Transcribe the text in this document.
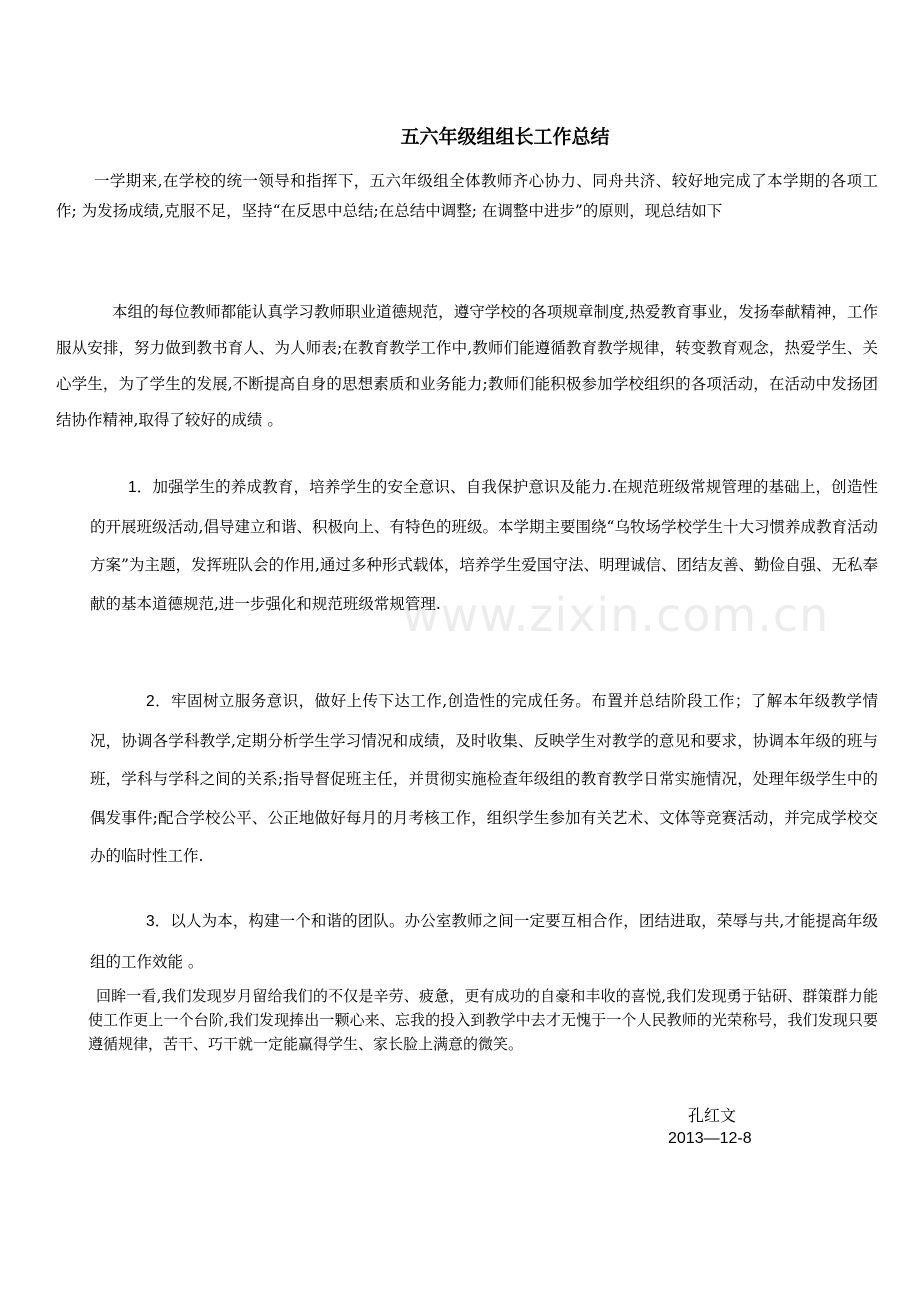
五六年级组组长工作总结

一学期来,在学校的统一领导和指挥下，五六年级组全体教师齐心协力、同舟共济、较好地完成了本学期的各项工作; 为发扬成绩,克服不足，坚持“在反思中总结;在总结中调整; 在调整中进步”的原则，现总结如下

本组的每位教师都能认真学习教师职业道德规范，遵守学校的各项规章制度,热爱教育事业，发扬奉献精神，工作服从安排，努力做到教书育人、为人师表;在教育教学工作中,教师们能遵循教育教学规律，转变教育观念，热爱学生、关心学生，为了学生的发展,不断提高自身的思想素质和业务能力;教师们能积极参加学校组织的各项活动，在活动中发扬团结协作精神,取得了较好的成绩 。

1．加强学生的养成教育，培养学生的安全意识、自我保护意识及能力.在规范班级常规管理的基础上，创造性的开展班级活动,倡导建立和谐、积极向上、有特色的班级。本学期主要围绕“乌牧场学校学生十大习惯养成教育活动方案”为主题，发挥班队会的作用,通过多种形式载体，培养学生爱国守法、明理诚信、团结友善、勤俭自强、无私奉献的基本道德规范,进一步强化和规范班级常规管理.

2．牢固树立服务意识，做好上传下达工作,创造性的完成任务。布置并总结阶段工作；了解本年级教学情况，协调各学科教学,定期分析学生学习情况和成绩，及时收集、反映学生对教学的意见和要求，协调本年级的班与班，学科与学科之间的关系;指导督促班主任，并贯彻实施检查年级组的教育教学日常实施情况，处理年级学生中的偶发事件;配合学校公平、公正地做好每月的月考核工作，组织学生参加有关艺术、文体等竞赛活动，并完成学校交办的临时性工作.

3．以人为本，构建一个和谐的团队。办公室教师之间一定要互相合作，团结进取，荣辱与共,才能提高年级组的工作效能 。

回眸一看,我们发现岁月留给我们的不仅是辛劳、疲惫，更有成功的自豪和丰收的喜悦,我们发现勇于钻研、群策群力能使工作更上一个台阶,我们发现捧出一颗心来、忘我的投入到教学中去才无愧于一个人民教师的光荣称号，我们发现只要遵循规律，苦干、巧干就一定能赢得学生、家长脸上满意的微笑。

孔红文

2013—12-8

www.zixin.com.cn
